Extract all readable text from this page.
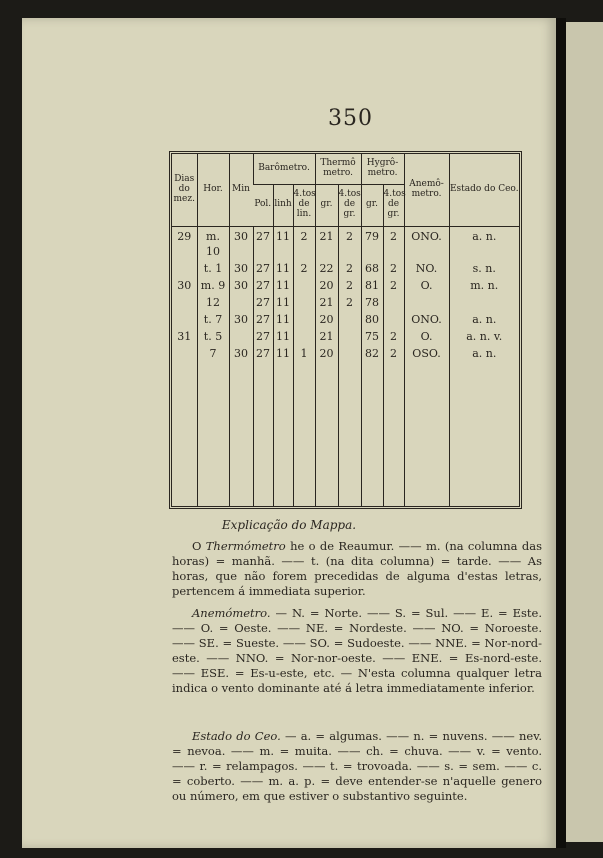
350
Dias do mez.	Hor.	Min	Barômetro.			Thermô metro.		Hygrô- metro.		Anemô- metro.	Estado do Ceo.
			Pol.	linh	4.tos de lin.	gr.	4.tos de gr.	gr.	4.tos de gr.		
29	m. 10	30	27	11	2	21	2	79	2	ONO.	a. n.
	t. 1	30	27	11	2	22	2	68	2	NO.	s. n.
30	m. 9	30	27	11		20	2	81	2	O.	m. n.
	12		27	11		21	2	78			
	t. 7	30	27	11		20		80		ONO.	a. n.
31	t. 5		27	11		21		75	2	O.	a. n. v.
	7	30	27	11	1	20		82	2	OSO.	a. n.

Explicação do Mappa.
O Thermómetro he o de Reaumur. —— m. (na columna das horas) = manhã. —— t. (na dita columna) = tarde. —— As horas, que não forem precedidas de alguma d'estas letras, pertencem á immediata superior.
Anemómetro. — N. = Norte. —— S. = Sul. —— E. = Este. —— O. = Oeste. —— NE. = Nordeste. —— NO. = Noroeste. —— SE. = Sueste. —— SO. = Sudoeste. —— NNE. = Nor-nord-este. —— NNO. = Nor-nor-oeste. —— ENE. = Es-nord-este. —— ESE. = Es-u-este, etc. — N'esta columna qualquer letra indica o vento dominante até á letra immediatamente inferior.
Estado do Ceo. — a. = algumas. —— n. = nuvens. —— nev. = nevoa. —— m. = muita. —— ch. = chuva. —— v. = vento. —— r. = relampagos. —— t. = trovoada. —— s. = sem. —— c. = coberto. —— m. a. p. = deve entender-se n'aquelle genero ou número, em que estiver o substantivo seguinte.
